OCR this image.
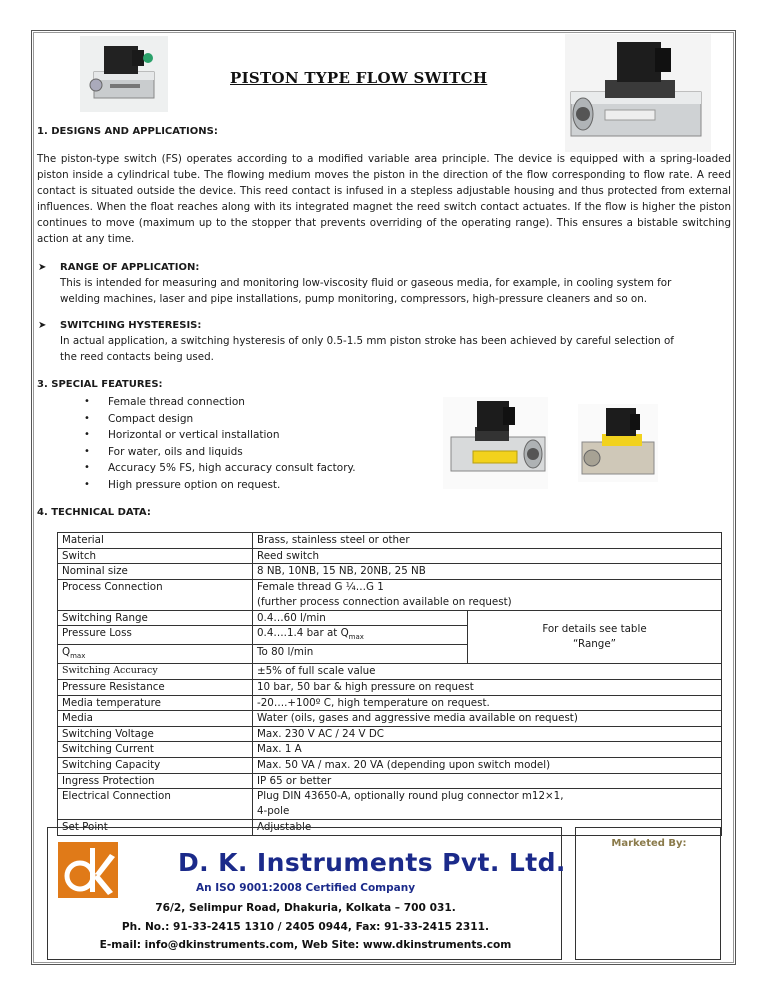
PISTON TYPE FLOW SWITCH
1. DESIGNS AND APPLICATIONS:
The piston-type switch (FS) operates according to a modified variable area principle. The device is equipped with a spring-loaded piston inside a cylindrical tube. The flowing medium moves the piston in the direction of the flow corresponding to flow rate. A reed contact is situated outside the device. This reed contact is infused in a stepless adjustable housing and thus protected from external influences. When the float reaches along with its integrated magnet the reed switch contact actuates. If the flow is higher the piston continues to move (maximum up to the stopper that prevents overriding of the operating range). This ensures a bistable switching action at any time.
➤ RANGE OF APPLICATION:
This is intended for measuring and monitoring low-viscosity fluid or gaseous media, for example, in cooling system for
welding machines, laser and pipe installations, pump monitoring, compressors, high-pressure cleaners and so on.
➤ SWITCHING HYSTERESIS:
In actual application, a switching hysteresis of only 0.5-1.5 mm piston stroke has been achieved by careful selection of
the reed contacts being used.
3. SPECIAL FEATURES:
• Female thread connection
• Compact design
• Horizontal or vertical installation
• For water, oils and liquids
• Accuracy 5% FS, high accuracy consult factory.
• High pressure option on request.
4. TECHNICAL DATA:
Material	Brass, stainless steel or other	
Switch	Reed switch	
Nominal size	8 NB, 10NB, 15 NB, 20NB, 25 NB	
Process Connection	Female thread G ¼…G 1
(further process connection available on request)	

Switching Range	0.4…60 l/min	For details see table
“Range”

Pressure Loss	0.4….1.4 bar at $Q_{max}$
$Q_{max}$	To 80 l/min	
Switching Accuracy	±5% of full scale value	
Pressure Resistance	10 bar, 50 bar & high pressure on request	
Media temperature	-20….+100º C, high temperature on request.	
Media	Water (oils, gases and aggressive media available on request)	
Switching Voltage	Max. 230 V AC / 24 V DC	
Switching Current	Max. 1 A	
Switching Capacity	Max. 50 VA / max. 20 VA (depending upon switch model)	
Ingress Protection	IP 65 or better	
Electrical Connection	Plug DIN 43650-A, optionally round plug connector m12×1,
4-pole	

Set Point	Adjustable	
D. K. Instruments Pvt. Ltd.
An ISO 9001:2008 Certified Company
76/2, Selimpur Road, Dhakuria, Kolkata – 700 031.
Ph. No.: 91-33-2415 1310 / 2405 0944, Fax: 91-33-2415 2311.
E-mail: info@dkinstruments.com, Web Site: www.dkinstruments.com
Marketed By:
